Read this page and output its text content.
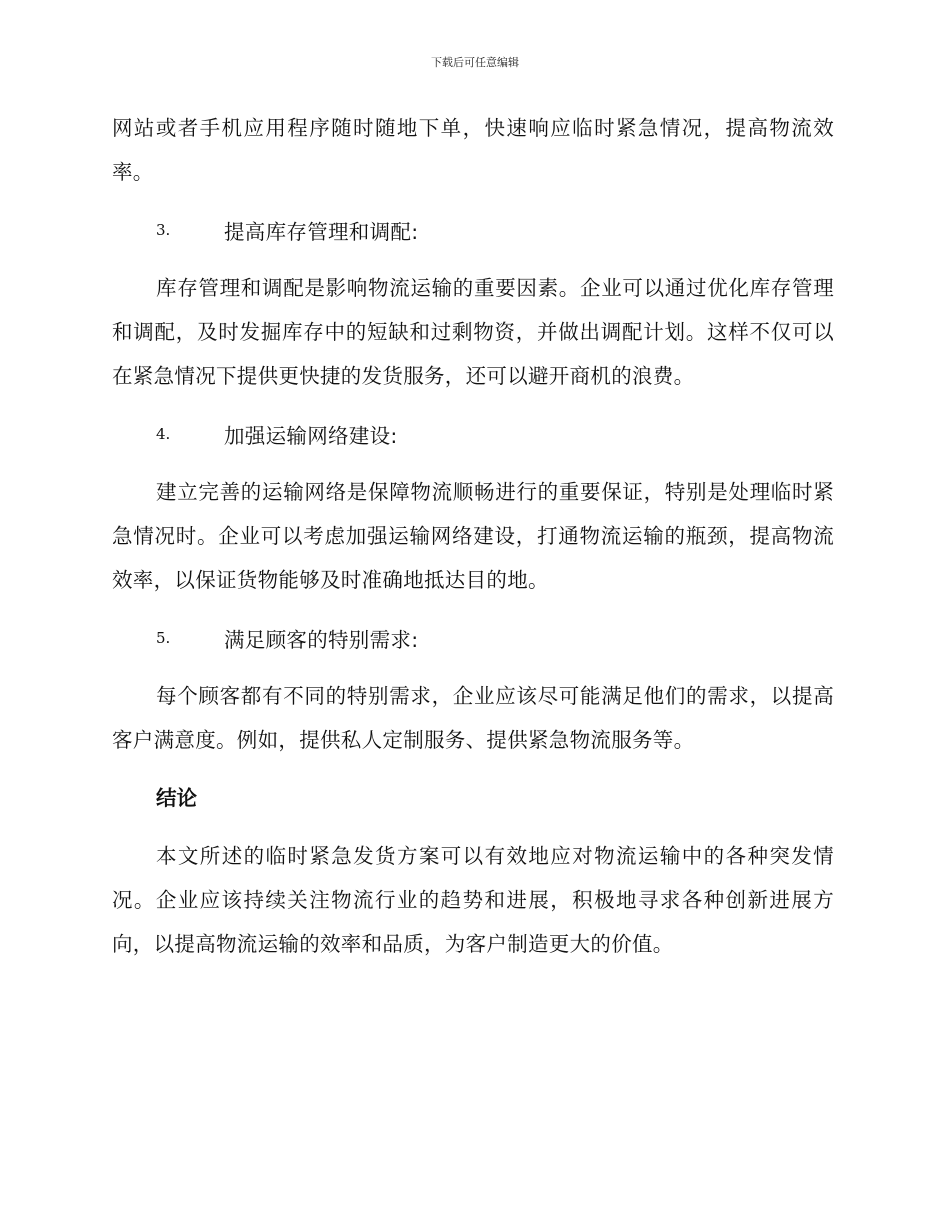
下载后可任意编辑

网站或者手机应用程序随时随地下单，快速响应临时紧急情况，提高物流效率。

3.	提高库存管理和调配:

库存管理和调配是影响物流运输的重要因素。企业可以通过优化库存管理和调配，及时发掘库存中的短缺和过剩物资，并做出调配计划。这样不仅可以在紧急情况下提供更快捷的发货服务，还可以避开商机的浪费。

4.	加强运输网络建设:

建立完善的运输网络是保障物流顺畅进行的重要保证，特别是处理临时紧急情况时。企业可以考虑加强运输网络建设，打通物流运输的瓶颈，提高物流效率，以保证货物能够及时准确地抵达目的地。

5.	满足顾客的特别需求:

每个顾客都有不同的特别需求，企业应该尽可能满足他们的需求，以提高客户满意度。例如，提供私人定制服务、提供紧急物流服务等。

结论

本文所述的临时紧急发货方案可以有效地应对物流运输中的各种突发情况。企业应该持续关注物流行业的趋势和进展，积极地寻求各种创新进展方向，以提高物流运输的效率和品质，为客户制造更大的价值。
